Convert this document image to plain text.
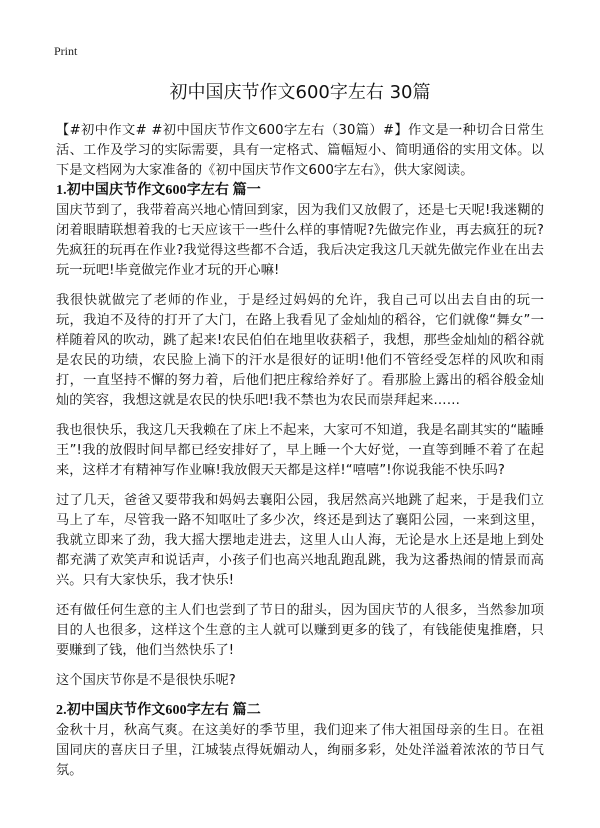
Print
初中国庆节作文600字左右 30篇

【#初中作文# #初中国庆节作文600字左右（30篇）#】作文是一种切合日常生活、工作及学习的实际需要，具有一定格式、篇幅短小、简明通俗的实用文体。以下是文档网为大家准备的《初中国庆节作文600字左右》，供大家阅读。

1.初中国庆节作文600字左右 篇一

国庆节到了，我带着高兴地心情回到家，因为我们又放假了，还是七天呢!我迷糊的闭着眼睛联想着我的七天应该干一些什么样的事情呢?先做完作业，再去疯狂的玩?先疯狂的玩再在作业?我觉得这些都不合适，我后决定我这几天就先做完作业在出去玩一玩吧!毕竟做完作业才玩的开心嘛!

我很快就做完了老师的作业，于是经过妈妈的允许，我自己可以出去自由的玩一玩，我迫不及待的打开了大门，在路上我看见了金灿灿的稻谷，它们就像“舞女”一样随着风的吹动，跳了起来!农民伯伯在地里收获稻子，我想，那些金灿灿的稻谷就是农民的功绩，农民脸上淌下的汗水是很好的证明!他们不管经受怎样的风吹和雨打，一直坚持不懈的努力着，后他们把庄稼给养好了。看那脸上露出的稻谷般金灿灿的笑容，我想这就是农民的快乐吧!我不禁也为农民而崇拜起来……

我也很快乐，我这几天我赖在了床上不起来，大家可不知道，我是名副其实的“瞌睡王”!我的放假时间早都已经安排好了，早上睡一个大好觉，一直等到睡不着了在起来，这样才有精神写作业嘛!我放假天天都是这样!“嘻嘻”!你说我能不快乐吗?

过了几天，爸爸又要带我和妈妈去襄阳公园，我居然高兴地跳了起来，于是我们立马上了车，尽管我一路不知呕吐了多少次，终还是到达了襄阳公园，一来到这里，我就立即来了劲，我大摇大摆地走进去，这里人山人海，无论是水上还是地上到处都充满了欢笑声和说话声，小孩子们也高兴地乱跑乱跳，我为这番热闹的情景而高兴。只有大家快乐，我才快乐!

还有做任何生意的主人们也尝到了节日的甜头，因为国庆节的人很多，当然参加项目的人也很多，这样这个生意的主人就可以赚到更多的钱了，有钱能使鬼推磨，只要赚到了钱，他们当然快乐了!

这个国庆节你是不是很快乐呢?

2.初中国庆节作文600字左右 篇二

金秋十月，秋高气爽。在这美好的季节里，我们迎来了伟大祖国母亲的生日。在祖国同庆的喜庆日子里，江城装点得妩媚动人，绚丽多彩，处处洋溢着浓浓的节日气氛。
